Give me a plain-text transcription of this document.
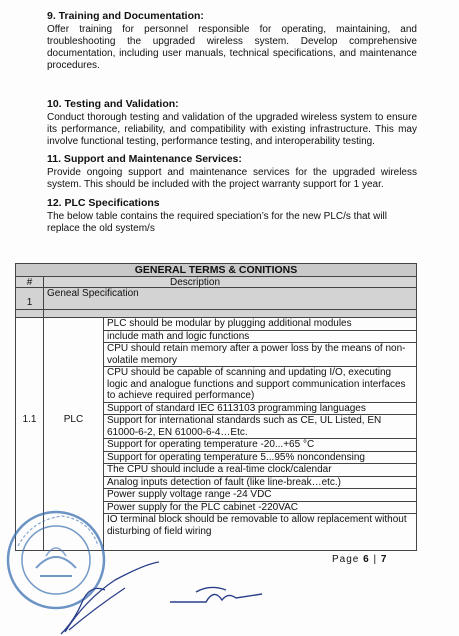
9. Training and Documentation:

Offer training for personnel responsible for operating, maintaining, and troubleshooting the upgraded wireless system. Develop comprehensive documentation, including user manuals, technical specifications, and maintenance procedures.

10. Testing and Validation:

Conduct thorough testing and validation of the upgraded wireless system to ensure its performance, reliability, and compatibility with existing infrastructure. This may involve functional testing, performance testing, and interoperability testing.

11. Support and Maintenance Services:

Provide ongoing support and maintenance services for the upgraded wireless system. This should be included with the project warranty support for 1 year.

12. PLC Specifications

The below table contains the required speciation’s for the new PLC/s that will replace the old system/s

GENERAL TERMS & CONITIONS
#	Description
1
Geneal Specification
1.1	PLC
PLC should be modular by plugging additional modules
include math and logic functions
CPU should retain memory after a power loss by the means of non-volatile memory
CPU should be capable of scanning and updating I/O, executing logic and analogue functions and support communication interfaces to achieve required performance)
Support of standard IEC 6113103 programming languages
Support for international standards such as CE, UL Listed, EN 61000-6-2, EN 61000-6-4…Etc.
Support for operating temperature -20...+65 °C
Support for operating temperature 5...95% noncondensing
The CPU should include a real-time clock/calendar
Analog inputs detection of fault (like line-break…etc.)
Power supply voltage range -24 VDC
Power supply for the PLC cabinet -220VAC
IO terminal block should be removable to allow replacement without disturbing of field wiring
Page 6 | 7
